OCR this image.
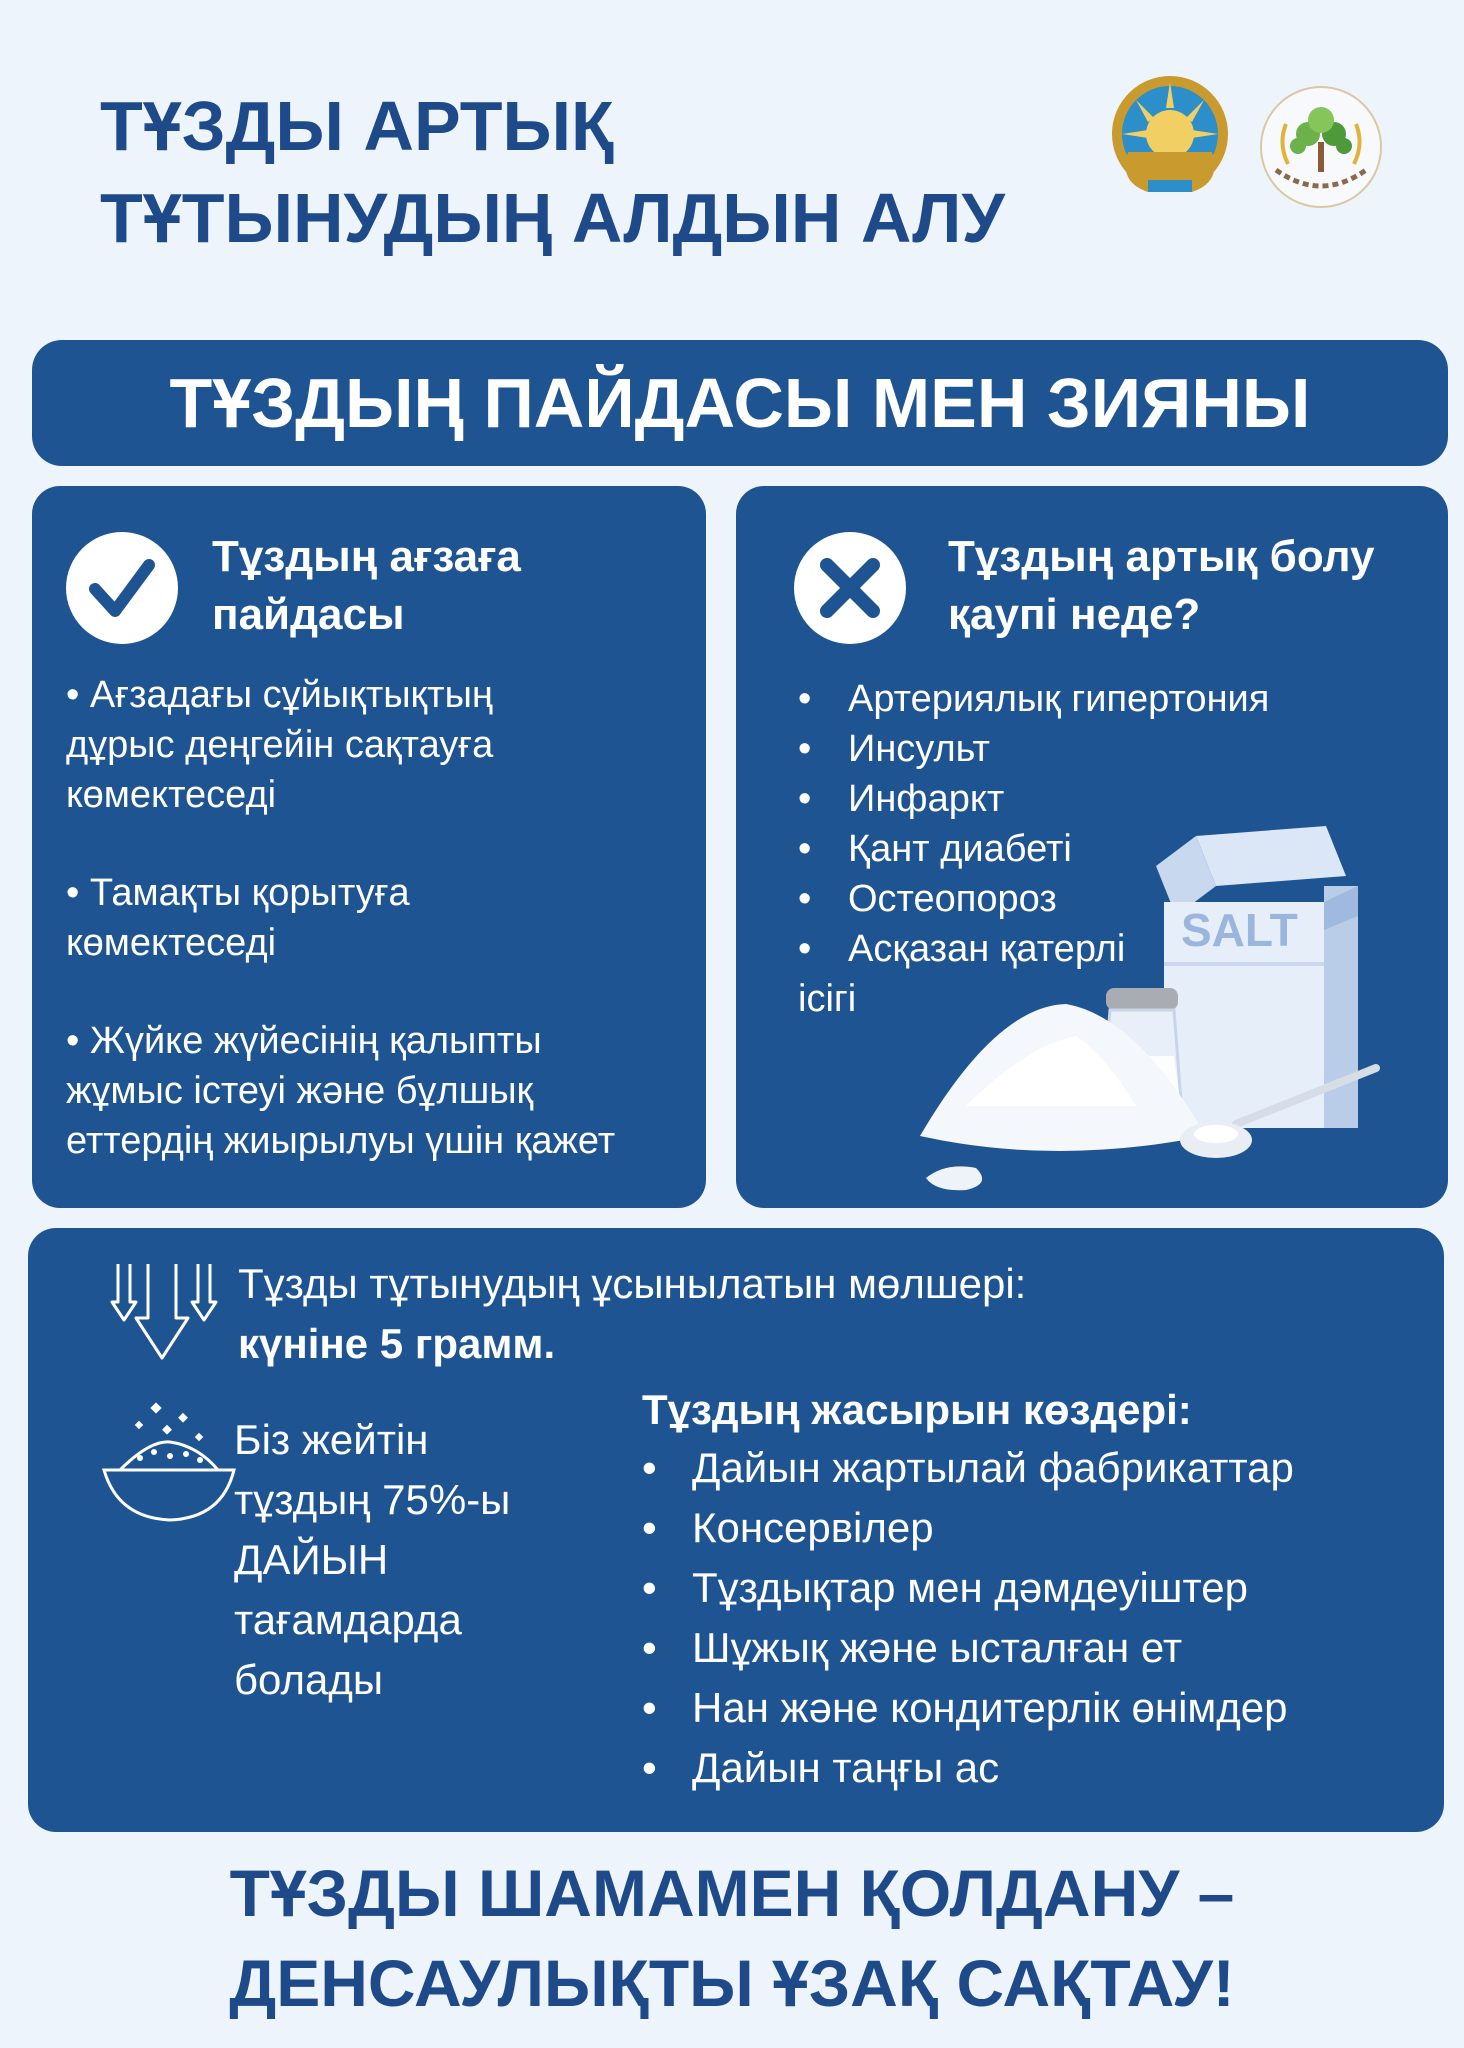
ТҰЗДЫ АРТЫҚ
ТҰТЫНУДЫҢ АЛДЫН АЛУ
ТҰЗДЫҢ ПАЙДАСЫ МЕН ЗИЯНЫ
Тұздың ағзаға
пайдасы
• Ағзадағы сұйықтықтың
дұрыс деңгейін сақтауға
көмектеседі
• Тамақты қорытуға
көмектеседі
• Жүйке жүйесінің қалыпты
жұмыс істеуі және бұлшық
еттердің жиырылуы үшін қажет
Тұздың артық болу
қаупі неде?
• Артериялық гипертония
• Инсульт
• Инфаркт
• Қант диабеті
• Остеопороз
• Асқазан қатерлі
ісігі
SALT
Тұзды тұтынудың ұсынылатын мөлшері:
күніне 5 грамм.
Біз жейтін
тұздың 75%-ы
ДАЙЫН
тағамдарда
болады
Тұздың жасырын көздері:
• Дайын жартылай фабрикаттар
• Консервілер
• Тұздықтар мен дәмдеуіштер
• Шұжық және ысталған ет
• Нан және кондитерлік өнімдер
• Дайын таңғы ас
ТҰЗДЫ ШАМАМЕН ҚОЛДАНУ –
ДЕНСАУЛЫҚТЫ ҰЗАҚ САҚТАУ!
